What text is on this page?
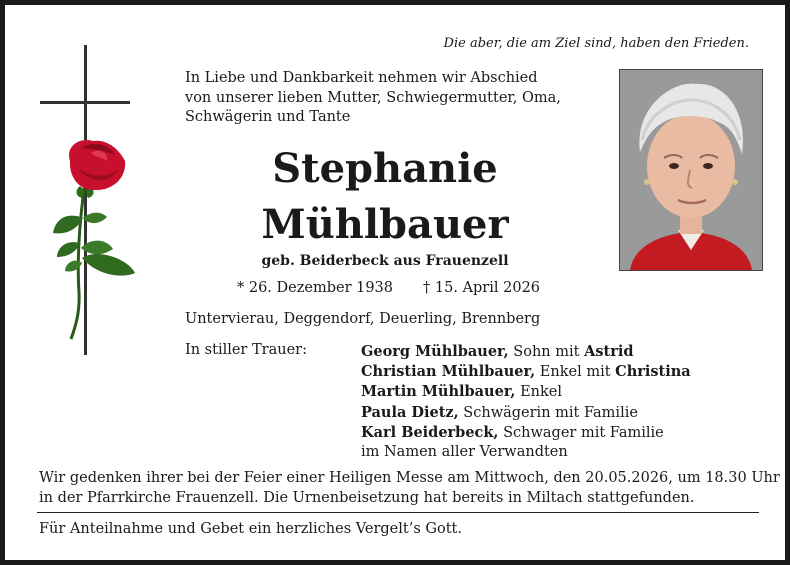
Die aber, die am Ziel sind, haben den Frieden.
In Liebe und Dankbarkeit nehmen wir Abschied
von unserer lieben Mutter, Schwiegermutter, Oma,
Schwägerin und Tante
Stephanie
Mühlbauer
geb. Beiderbeck aus Frauenzell
* 26. Dezember 1938 † 15. April 2026
Untervierau, Deggendorf, Deuerling, Brennberg
In stiller Trauer:	Georg Mühlbauer, Sohn mit Astrid
Christian Mühlbauer, Enkel mit Christina
Martin Mühlbauer, Enkel
Paula Dietz, Schwägerin mit Familie
Karl Beiderbeck, Schwager mit Familie
im Namen aller Verwandten
Wir gedenken ihrer bei der Feier einer Heiligen Messe am Mittwoch, den 20.05.2026, um 18.30 Uhr
in der Pfarrkirche Frauenzell. Die Urnenbeisetzung hat bereits in Miltach stattgefunden.
Für Anteilnahme und Gebet ein herzliches Vergelt’s Gott.
